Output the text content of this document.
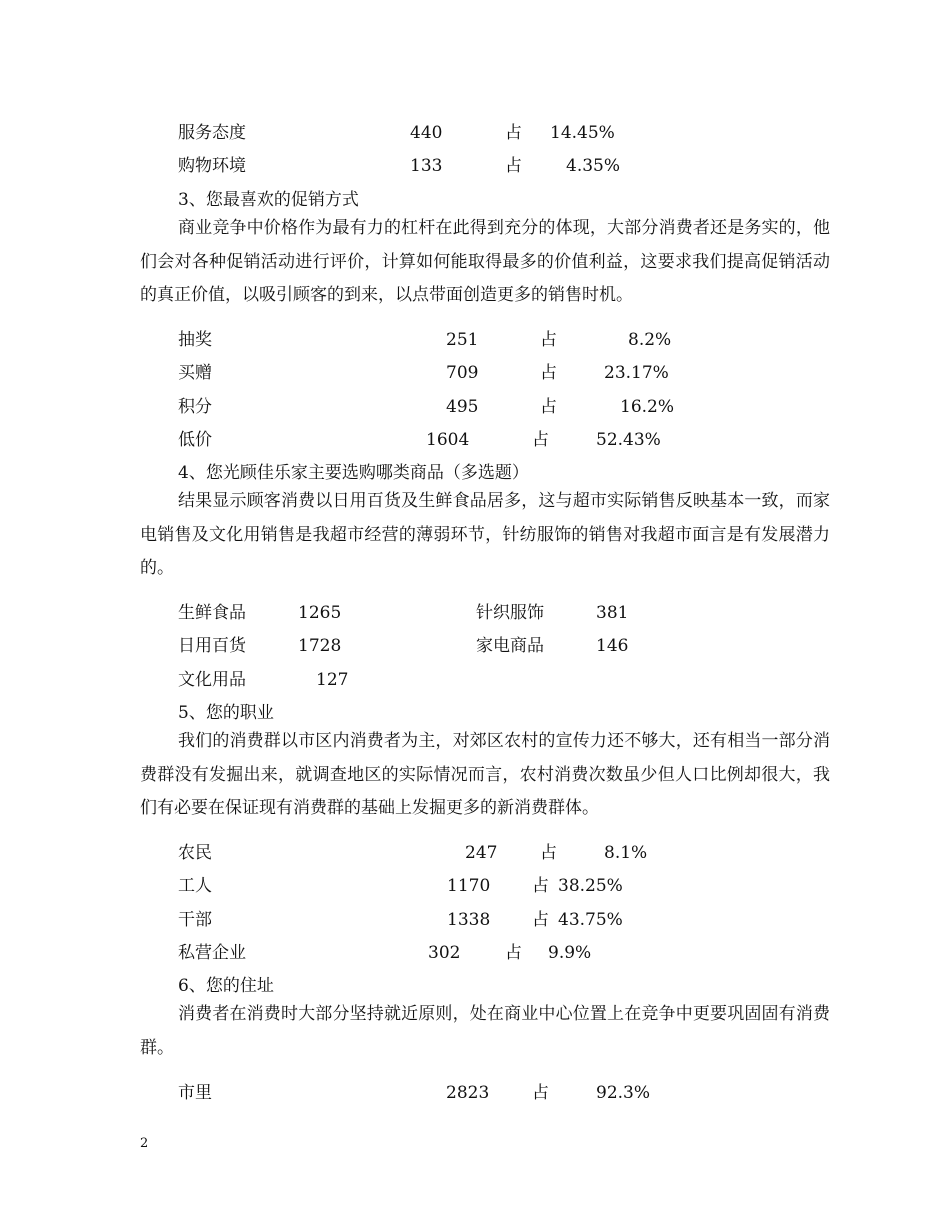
服务态度	440	占 14.45%
购物环境	133	占	4.35%
3、您最喜欢的促销方式
商业竞争中价格作为最有力的杠杆在此得到充分的体现，大部分消费者还是务实的，他们会对各种促销活动进行评价，计算如何能取得最多的价值利益，这要求我们提高促销活动的真正价值，以吸引顾客的到来，以点带面创造更多的销售时机。
抽奖	251	占	8.2%
买赠	709	占	23.17%
积分	495	占	16.2%
低价	1604	占	52.43%
4、您光顾佳乐家主要选购哪类商品（多选题）
结果显示顾客消费以日用百货及生鲜食品居多，这与超市实际销售反映基本一致，而家电销售及文化用销售是我超市经营的薄弱环节，针纺服饰的销售对我超市面言是有发展潜力的。
生鲜食品	1265	针织服饰	381
日用百货	1728	家电商品	146
文化用品	127
5、您的职业
我们的消费群以市区内消费者为主，对郊区农村的宣传力还不够大，还有相当一部分消费群没有发掘出来，就调查地区的实际情况而言，农村消费次数虽少但人口比例却很大，我们有必要在保证现有消费群的基础上发掘更多的新消费群体。
农民	247	占	8.1%
工人	1170 占 38.25%
干部	1338 占 43.75%
私营企业	302	占 9.9%
6、您的住址
消费者在消费时大部分坚持就近原则，处在商业中心位置上在竞争中更要巩固固有消费群。
市里	2823	占	92.3%
2
